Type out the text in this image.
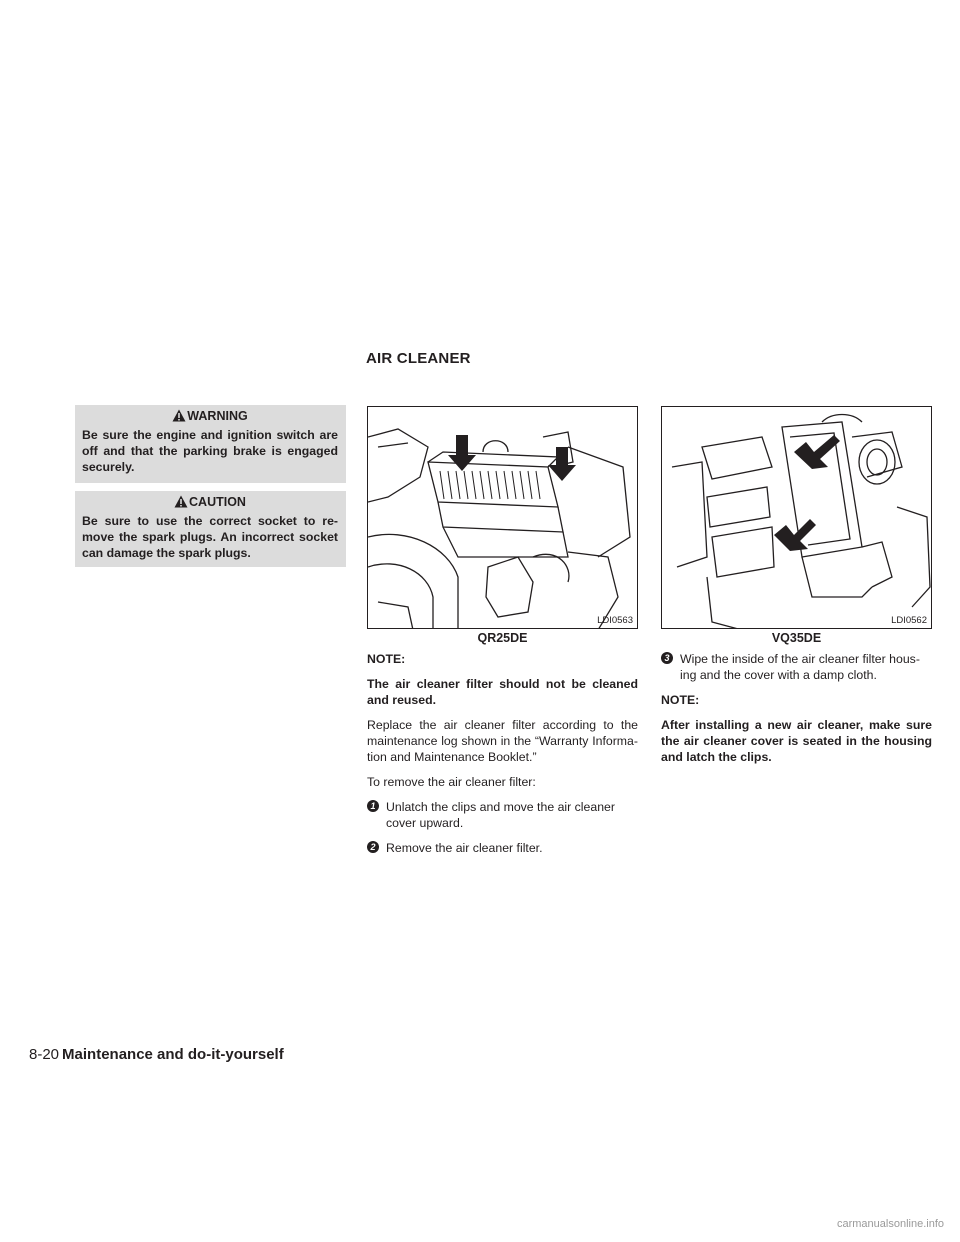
AIR CLEANER
WARNING
Be sure the engine and ignition switch are off and that the parking brake is engaged securely.
CAUTION
Be sure to use the correct socket to re-move the spark plugs. An incorrect socket can damage the spark plugs.
LDI0563
QR25DE
LDI0562
VQ35DE

NOTE:

The air cleaner filter should not be cleaned and reused.

Replace the air cleaner filter according to the maintenance log shown in the “Warranty Informa-tion and Maintenance Booklet.”

To remove the air cleaner filter:

1 Unlatch the clips and move the air cleaner cover upward.
2 Remove the air cleaner filter.
3 Wipe the inside of the air cleaner filter hous-ing and the cover with a damp cloth.

NOTE:

After installing a new air cleaner, make sure the air cleaner cover is seated in the housing and latch the clips.

8-20 Maintenance and do-it-yourself
carmanualsonline.info
